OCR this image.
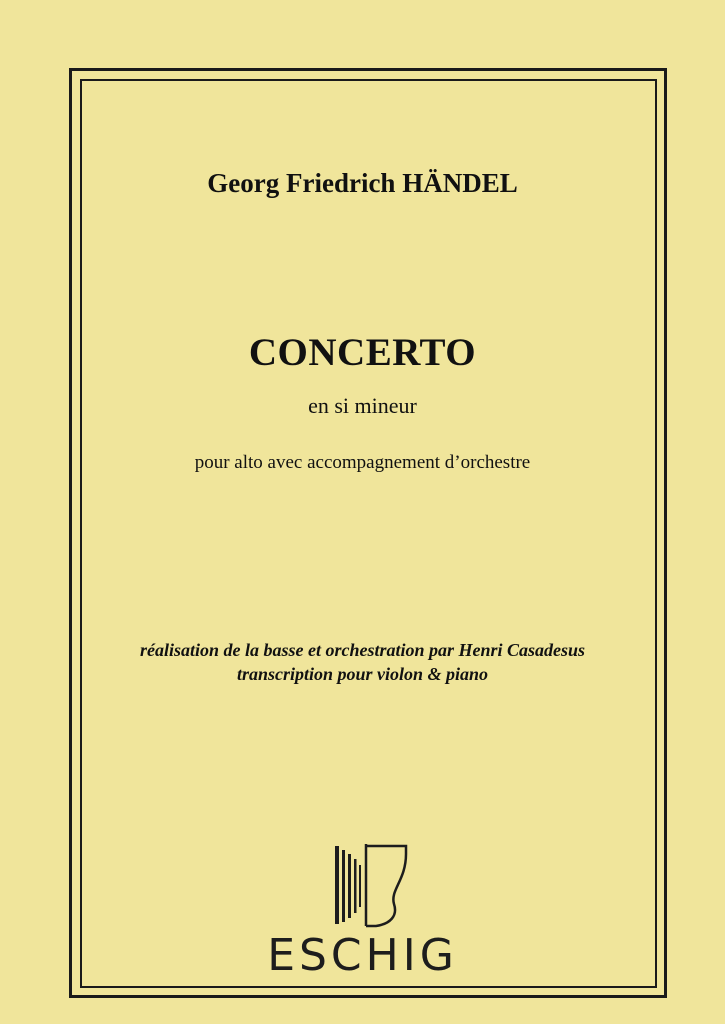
Georg Friedrich HÄNDEL
CONCERTO
en si mineur
pour alto avec accompagnement d’orchestre
réalisation de la basse et orchestration par Henri Casadesus
transcription pour violon & piano
ESCHIG
